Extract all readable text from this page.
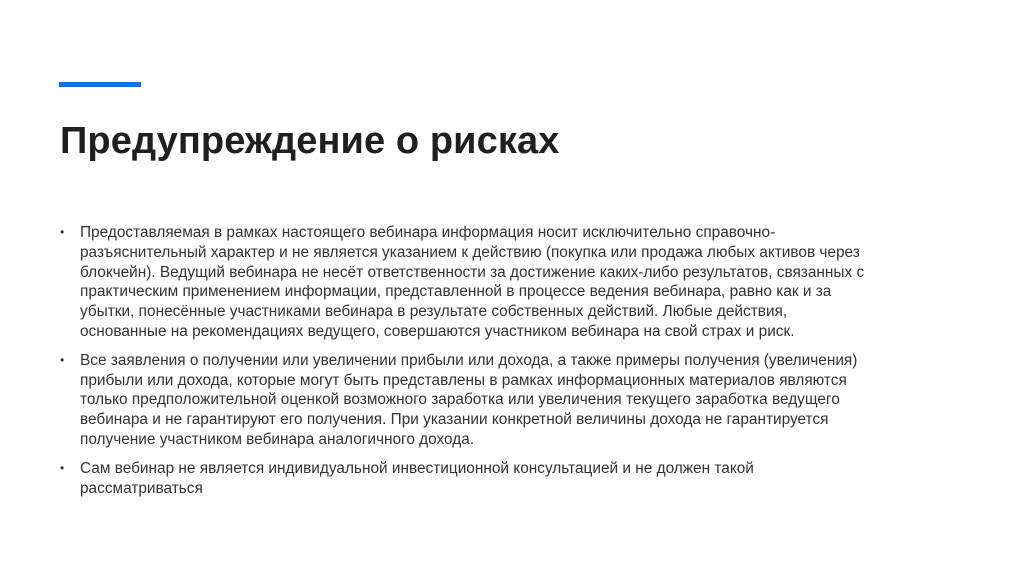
Предупреждение о рисках
• Предоставляемая в рамках настоящего вебинара информация носит исключительно справочно-
разъяснительный характер и не является указанием к действию (покупка или продажа любых активов через
блокчейн). Ведущий вебинара не несёт ответственности за достижение каких-либо результатов, связанных с
практическим применением информации, представленной в процессе ведения вебинара, равно как и за
убытки, понесённые участниками вебинара в результате собственных действий. Любые действия,
основанные на рекомендациях ведущего, совершаются участником вебинара на свой страх и риск.
• Все заявления о получении или увеличении прибыли или дохода, а также примеры получения (увеличения)
прибыли или дохода, которые могут быть представлены в рамках информационных материалов являются
только предположительной оценкой возможного заработка или увеличения текущего заработка ведущего
вебинара и не гарантируют его получения. При указании конкретной величины дохода не гарантируется
получение участником вебинара аналогичного дохода.
• Сам вебинар не является индивидуальной инвестиционной консультацией и не должен такой
рассматриваться
